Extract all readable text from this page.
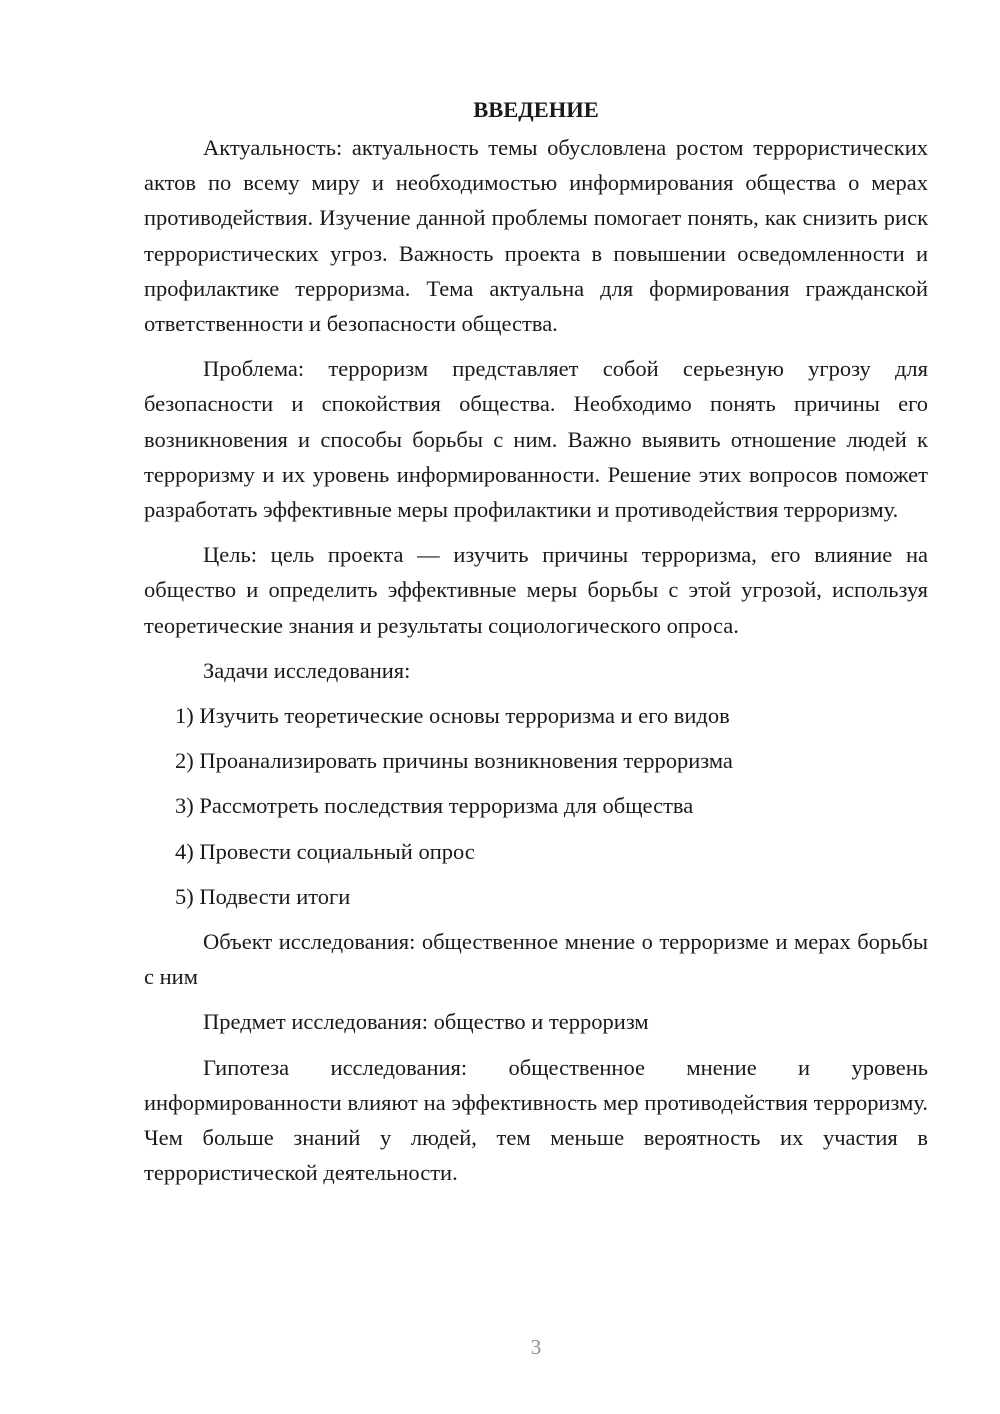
ВВЕДЕНИЕ

Актуальность: актуальность темы обусловлена ростом террористических актов по всему миру и необходимостью информирования общества о мерах противодействия. Изучение данной проблемы помогает понять, как снизить риск террористических угроз. Важность проекта в повышении осведомленности и профилактике терроризма. Тема актуальна для формирования гражданской ответственности и безопасности общества.

Проблема: терроризм представляет собой серьезную угрозу для безопасности и спокойствия общества. Необходимо понять причины его возникновения и способы борьбы с ним. Важно выявить отношение людей к терроризму и их уровень информированности. Решение этих вопросов поможет разработать эффективные меры профилактики и противодействия терроризму.

Цель: цель проекта — изучить причины терроризма, его влияние на общество и определить эффективные меры борьбы с этой угрозой, используя теоретические знания и результаты социологического опроса.

Задачи исследования:

1) Изучить теоретические основы терроризма и его видов

2) Проанализировать причины возникновения терроризма

3) Рассмотреть последствия терроризма для общества

4) Провести социальный опрос

5) Подвести итоги

Объект исследования: общественное мнение о терроризме и мерах борьбы с ним

Предмет исследования: общество и терроризм

Гипотеза исследования: общественное мнение и уровень информированности влияют на эффективность мер противодействия терроризму. Чем больше знаний у людей, тем меньше вероятность их участия в террористической деятельности.

3
